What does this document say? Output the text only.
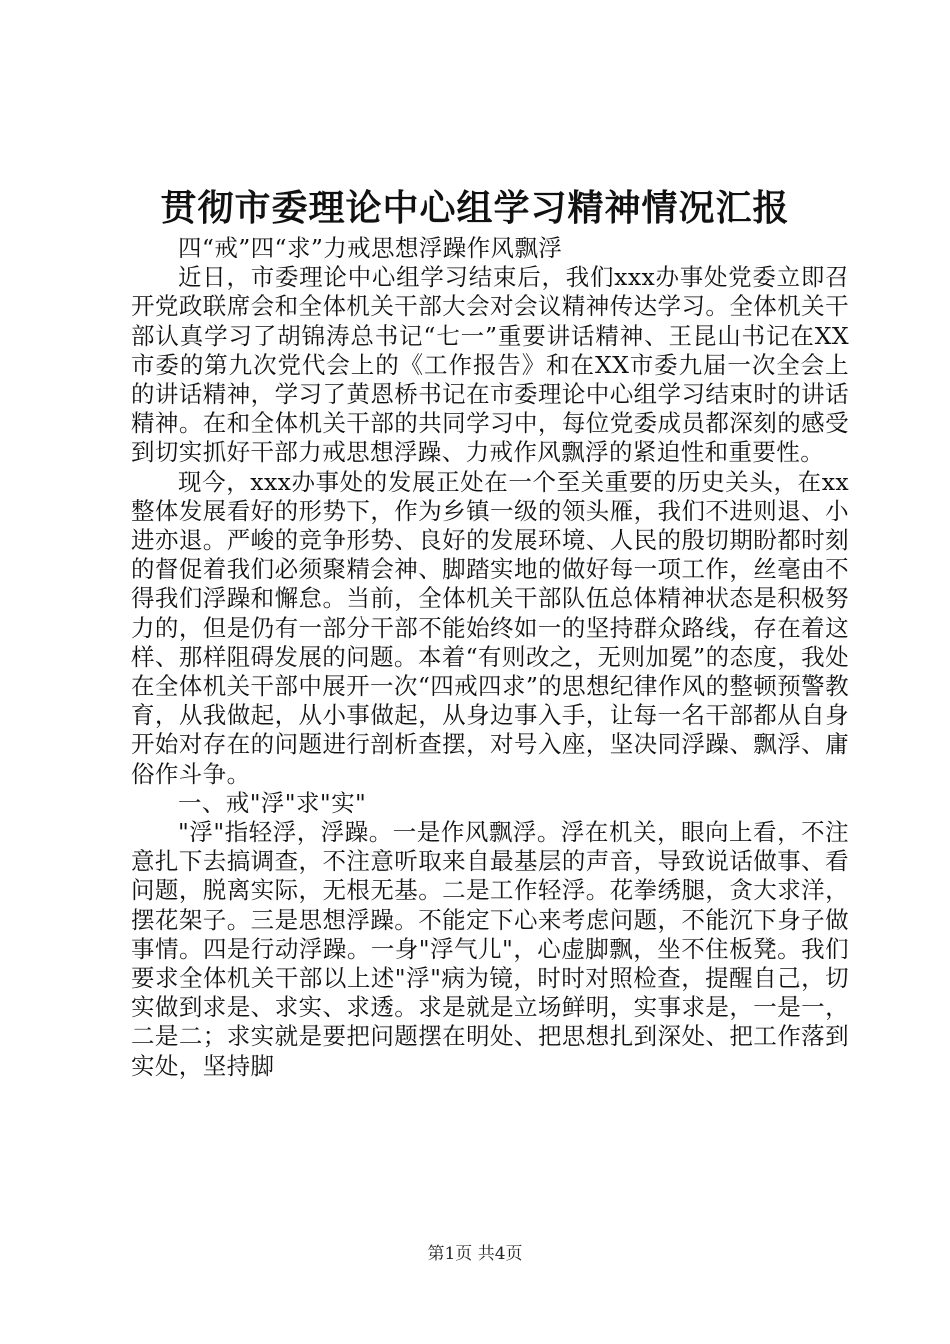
贯彻市委理论中心组学习精神情况汇报

四“戒”四“求”力戒思想浮躁作风飘浮

近日，市委理论中心组学习结束后，我们xxx办事处党委立即召开党政联席会和全体机关干部大会对会议精神传达学习。全体机关干部认真学习了胡锦涛总书记“七一”重要讲话精神、王昆山书记在XX市委的第九次党代会上的《工作报告》和在XX市委九届一次全会上的讲话精神，学习了黄恩桥书记在市委理论中心组学习结束时的讲话精神。在和全体机关干部的共同学习中，每位党委成员都深刻的感受到切实抓好干部力戒思想浮躁、力戒作风飘浮的紧迫性和重要性。

现今，xxx办事处的发展正处在一个至关重要的历史关头，在xx整体发展看好的形势下，作为乡镇一级的领头雁，我们不进则退、小进亦退。严峻的竞争形势、良好的发展环境、人民的殷切期盼都时刻的督促着我们必须聚精会神、脚踏实地的做好每一项工作，丝毫由不得我们浮躁和懈怠。当前，全体机关干部队伍总体精神状态是积极努力的，但是仍有一部分干部不能始终如一的坚持群众路线，存在着这样、那样阻碍发展的问题。本着“有则改之，无则加冕”的态度，我处在全体机关干部中展开一次“四戒四求”的思想纪律作风的整顿预警教育，从我做起，从小事做起，从身边事入手，让每一名干部都从自身开始对存在的问题进行剖析查摆，对号入座，坚决同浮躁、飘浮、庸俗作斗争。

一、戒"浮"求"实"

"浮"指轻浮，浮躁。一是作风飘浮。浮在机关，眼向上看，不注意扎下去搞调查，不注意听取来自最基层的声音，导致说话做事、看问题，脱离实际，无根无基。二是工作轻浮。花拳绣腿，贪大求洋，摆花架子。三是思想浮躁。不能定下心来考虑问题，不能沉下身子做事情。四是行动浮躁。一身"浮气儿"，心虚脚飘，坐不住板凳。我们要求全体机关干部以上述"浮"病为镜，时时对照检查，提醒自己，切实做到求是、求实、求透。求是就是立场鲜明，实事求是，一是一，二是二；求实就是要把问题摆在明处、把思想扎到深处、把工作落到实处，坚持脚

第1页 共4页
